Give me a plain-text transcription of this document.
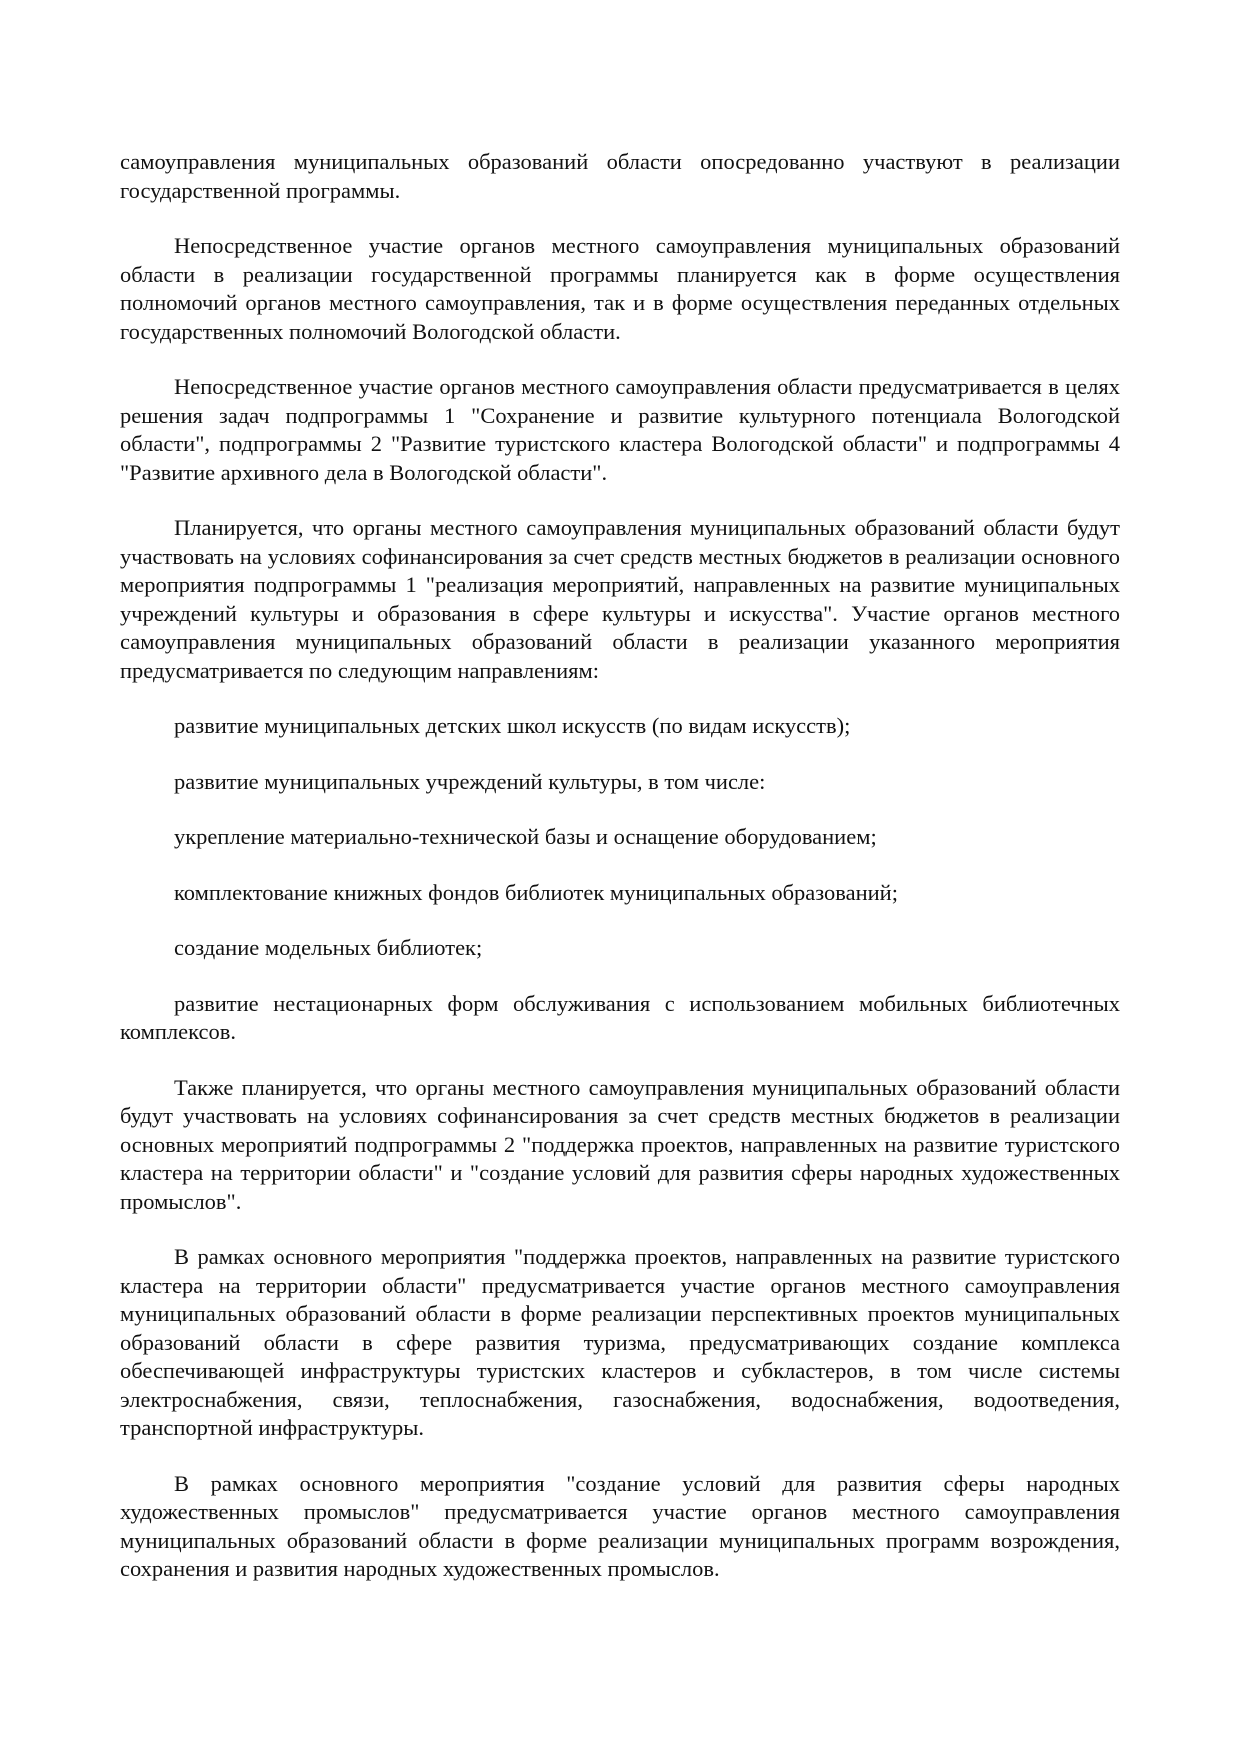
самоуправления муниципальных образований области опосредованно участвуют в реализации государственной программы.

Непосредственное участие органов местного самоуправления муниципальных образований области в реализации государственной программы планируется как в форме осуществления полномочий органов местного самоуправления, так и в форме осуществления переданных отдельных государственных полномочий Вологодской области.

Непосредственное участие органов местного самоуправления области предусматривается в целях решения задач подпрограммы 1 "Сохранение и развитие культурного потенциала Вологодской области", подпрограммы 2 "Развитие туристского кластера Вологодской области" и подпрограммы 4 "Развитие архивного дела в Вологодской области".

Планируется, что органы местного самоуправления муниципальных образований области будут участвовать на условиях софинансирования за счет средств местных бюджетов в реализации основного мероприятия подпрограммы 1 "реализация мероприятий, направленных на развитие муниципальных учреждений культуры и образования в сфере культуры и искусства". Участие органов местного самоуправления муниципальных образований области в реализации указанного мероприятия предусматривается по следующим направлениям:

развитие муниципальных детских школ искусств (по видам искусств);

развитие муниципальных учреждений культуры, в том числе:

укрепление материально-технической базы и оснащение оборудованием;

комплектование книжных фондов библиотек муниципальных образований;

создание модельных библиотек;

развитие нестационарных форм обслуживания с использованием мобильных библиотечных комплексов.

Также планируется, что органы местного самоуправления муниципальных образований области будут участвовать на условиях софинансирования за счет средств местных бюджетов в реализации основных мероприятий подпрограммы 2 "поддержка проектов, направленных на развитие туристского кластера на территории области" и "создание условий для развития сферы народных художественных промыслов".

В рамках основного мероприятия "поддержка проектов, направленных на развитие туристского кластера на территории области" предусматривается участие органов местного самоуправления муниципальных образований области в форме реализации перспективных проектов муниципальных образований области в сфере развития туризма, предусматривающих создание комплекса обеспечивающей инфраструктуры туристских кластеров и субкластеров, в том числе системы электроснабжения, связи, теплоснабжения, газоснабжения, водоснабжения, водоотведения, транспортной инфраструктуры.

В рамках основного мероприятия "создание условий для развития сферы народных художественных промыслов" предусматривается участие органов местного самоуправления муниципальных образований области в форме реализации муниципальных программ возрождения, сохранения и развития народных художественных промыслов.
